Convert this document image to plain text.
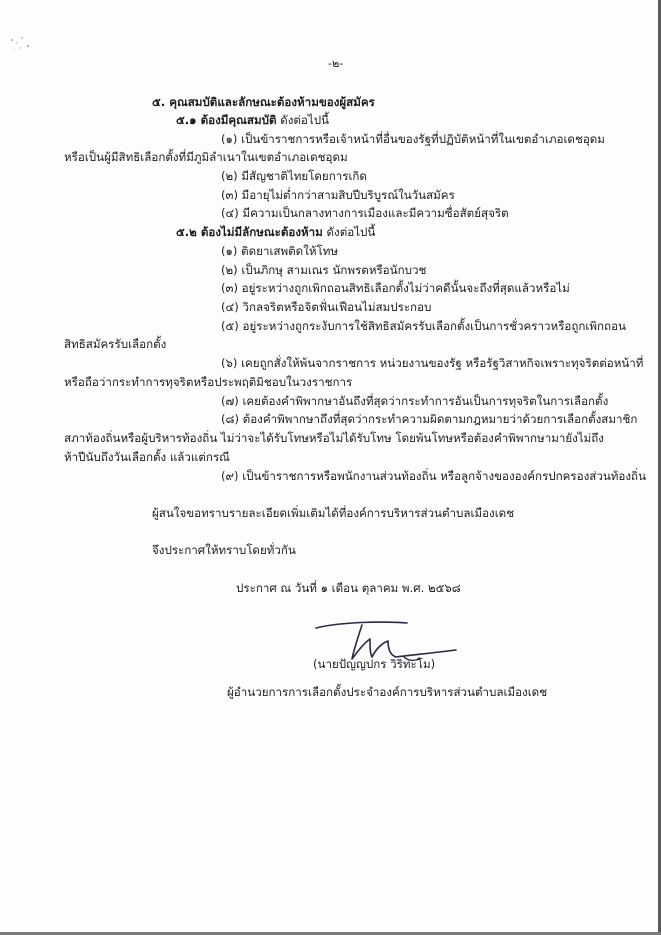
-๒-
๕. คุณสมบัติและลักษณะต้องห้ามของผู้สมัคร
๕.๑ ต้องมีคุณสมบัติ ดังต่อไปนี้
(๑) เป็นข้าราชการหรือเจ้าหน้าที่อื่นของรัฐที่ปฏิบัติหน้าที่ในเขตอำเภอเดชอุดม
หรือเป็นผู้มีสิทธิเลือกตั้งที่มีภูมิลำเนาในเขตอำเภอเดชอุดม
(๒) มีสัญชาติไทยโดยการเกิด
(๓) มีอายุไม่ต่ำกว่าสามสิบปีบริบูรณ์ในวันสมัคร
(๔) มีความเป็นกลางทางการเมืองและมีความซื่อสัตย์สุจริต
๕.๒ ต้องไม่มีลักษณะต้องห้าม ดังต่อไปนี้
(๑) ติดยาเสพติดให้โทษ
(๒) เป็นภิกษุ สามเณร นักพรตหรือนักบวช
(๓) อยู่ระหว่างถูกเพิกถอนสิทธิเลือกตั้งไม่ว่าคดีนั้นจะถึงที่สุดแล้วหรือไม่
(๔) วิกลจริตหรือจิตฟั่นเฟือนไม่สมประกอบ
(๕) อยู่ระหว่างถูกระงับการใช้สิทธิสมัครรับเลือกตั้งเป็นการชั่วคราวหรือถูกเพิกถอน
สิทธิสมัครรับเลือกตั้ง
(๖) เคยถูกสั่งให้พ้นจากราชการ หน่วยงานของรัฐ หรือรัฐวิสาหกิจเพราะทุจริตต่อหน้าที่
หรือถือว่ากระทำการทุจริตหรือประพฤติมิชอบในวงราชการ
(๗) เคยต้องคำพิพากษาอันถึงที่สุดว่ากระทำการอันเป็นการทุจริตในการเลือกตั้ง
(๘) ต้องคำพิพากษาถึงที่สุดว่ากระทำความผิดตามกฎหมายว่าด้วยการเลือกตั้งสมาชิก
สภาท้องถิ่นหรือผู้บริหารท้องถิ่น ไม่ว่าจะได้รับโทษหรือไม่ได้รับโทษ โดยพ้นโทษหรือต้องคำพิพากษามายังไม่ถึง
ห้าปีนับถึงวันเลือกตั้ง แล้วแต่กรณี
(๙) เป็นข้าราชการหรือพนักงานส่วนท้องถิ่น หรือลูกจ้างขององค์กรปกครองส่วนท้องถิ่น
ผู้สนใจขอทราบรายละเอียดเพิ่มเติมได้ที่องค์การบริหารส่วนตำบลเมืองเดช
จึงประกาศให้ทราบโดยทั่วกัน
ประกาศ ณ วันที่ ๑ เดือน ตุลาคม พ.ศ. ๒๕๖๘
(นายปัญญปกร วิริทะโม)
ผู้อำนวยการการเลือกตั้งประจำองค์การบริหารส่วนตำบลเมืองเดช
